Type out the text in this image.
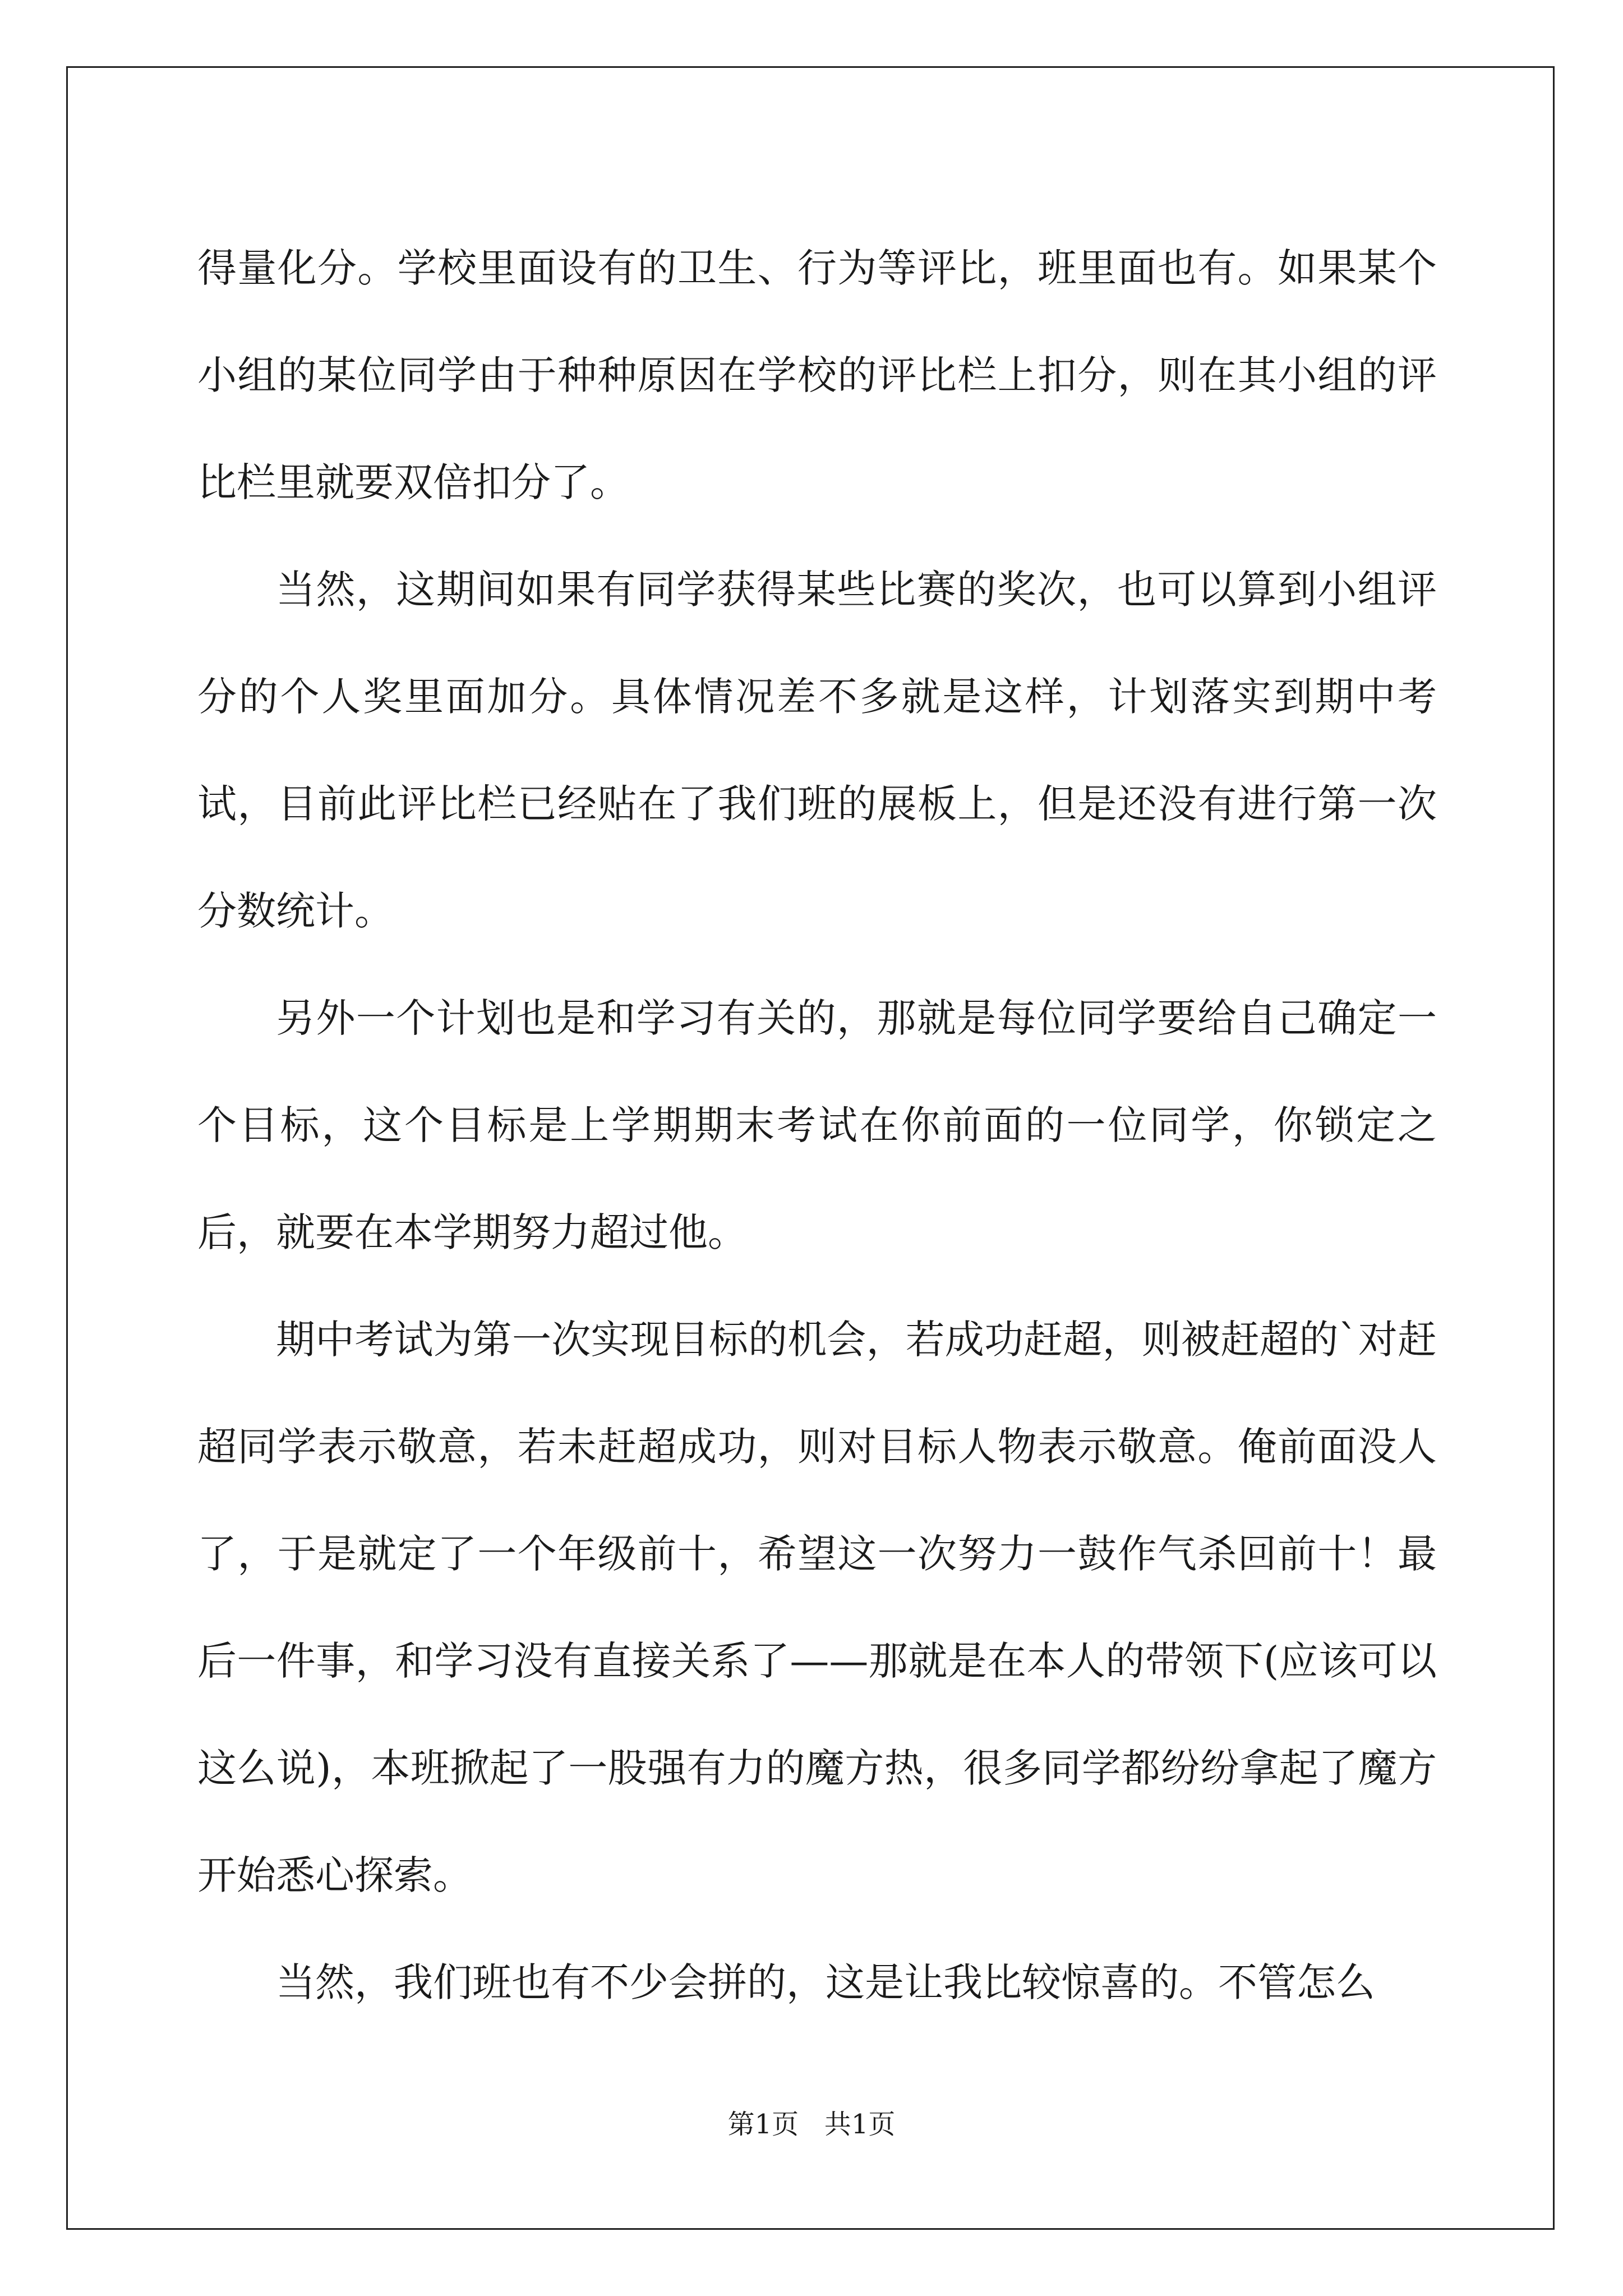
得量化分。学校里面设有的卫生、行为等评比，班里面也有。如果某个小组的某位同学由于种种原因在学校的评比栏上扣分，则在其小组的评比栏里就要双倍扣分了。

当然，这期间如果有同学获得某些比赛的奖次，也可以算到小组评分的个人奖里面加分。具体情况差不多就是这样，计划落实到期中考试，目前此评比栏已经贴在了我们班的展板上，但是还没有进行第一次分数统计。

另外一个计划也是和学习有关的，那就是每位同学要给自己确定一个目标，这个目标是上学期期末考试在你前面的一位同学，你锁定之后，就要在本学期努力超过他。

期中考试为第一次实现目标的机会，若成功赶超，则被赶超的`对赶超同学表示敬意，若未赶超成功，则对目标人物表示敬意。俺前面没人了，于是就定了一个年级前十，希望这一次努力一鼓作气杀回前十！最后一件事，和学习没有直接关系了——那就是在本人的带领下(应该可以这么说)，本班掀起了一股强有力的魔方热，很多同学都纷纷拿起了魔方开始悉心探索。

当然，我们班也有不少会拼的，这是让我比较惊喜的。不管怎么

第1页   共1页
